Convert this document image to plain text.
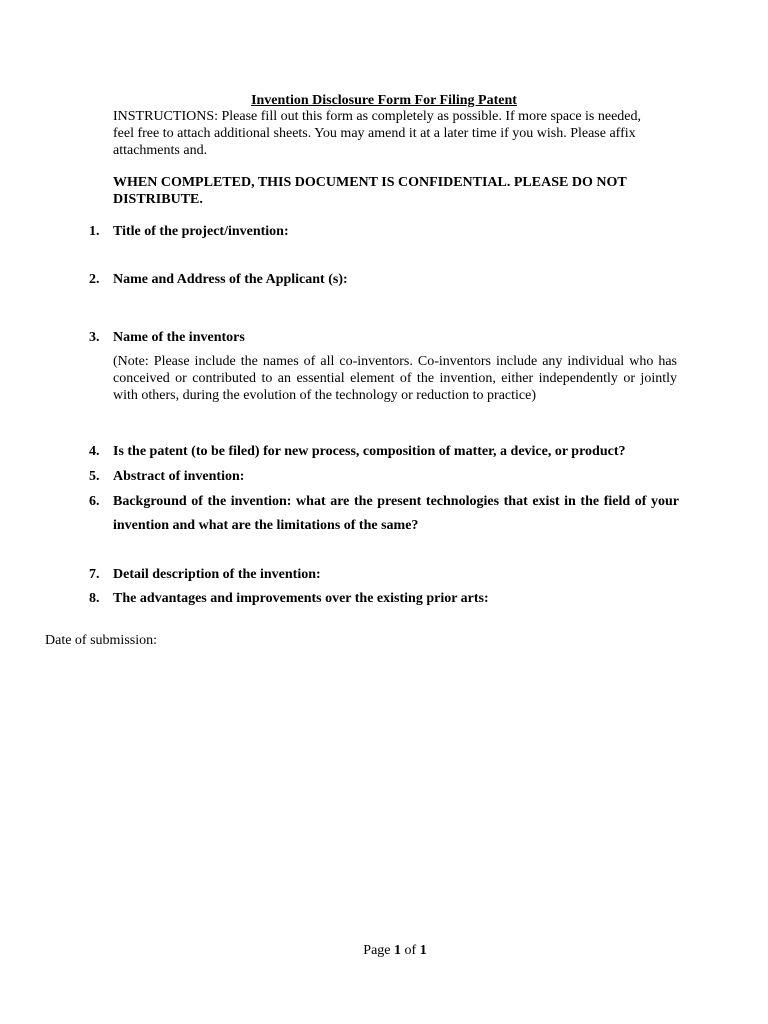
Invention Disclosure Form For Filing Patent
INSTRUCTIONS: Please fill out this form as completely as possible. If more space is needed, feel free to attach additional sheets. You may amend it at a later time if you wish. Please affix attachments and.
WHEN COMPLETED, THIS DOCUMENT IS CONFIDENTIAL. PLEASE DO NOT DISTRIBUTE.
1. Title of the project/invention:
2. Name and Address of the Applicant (s):
3. Name of the inventors
(Note: Please include the names of all co-inventors. Co-inventors include any individual who has conceived or contributed to an essential element of the invention, either independently or jointly with others, during the evolution of the technology or reduction to practice)
4. Is the patent (to be filed) for new process, composition of matter, a device, or product?
5. Abstract of invention:
6. Background of the invention: what are the present technologies that exist in the field of your invention and what are the limitations of the same?
7. Detail description of the invention:
8. The advantages and improvements over the existing prior arts:
Date of submission:
Page 1 of 1
